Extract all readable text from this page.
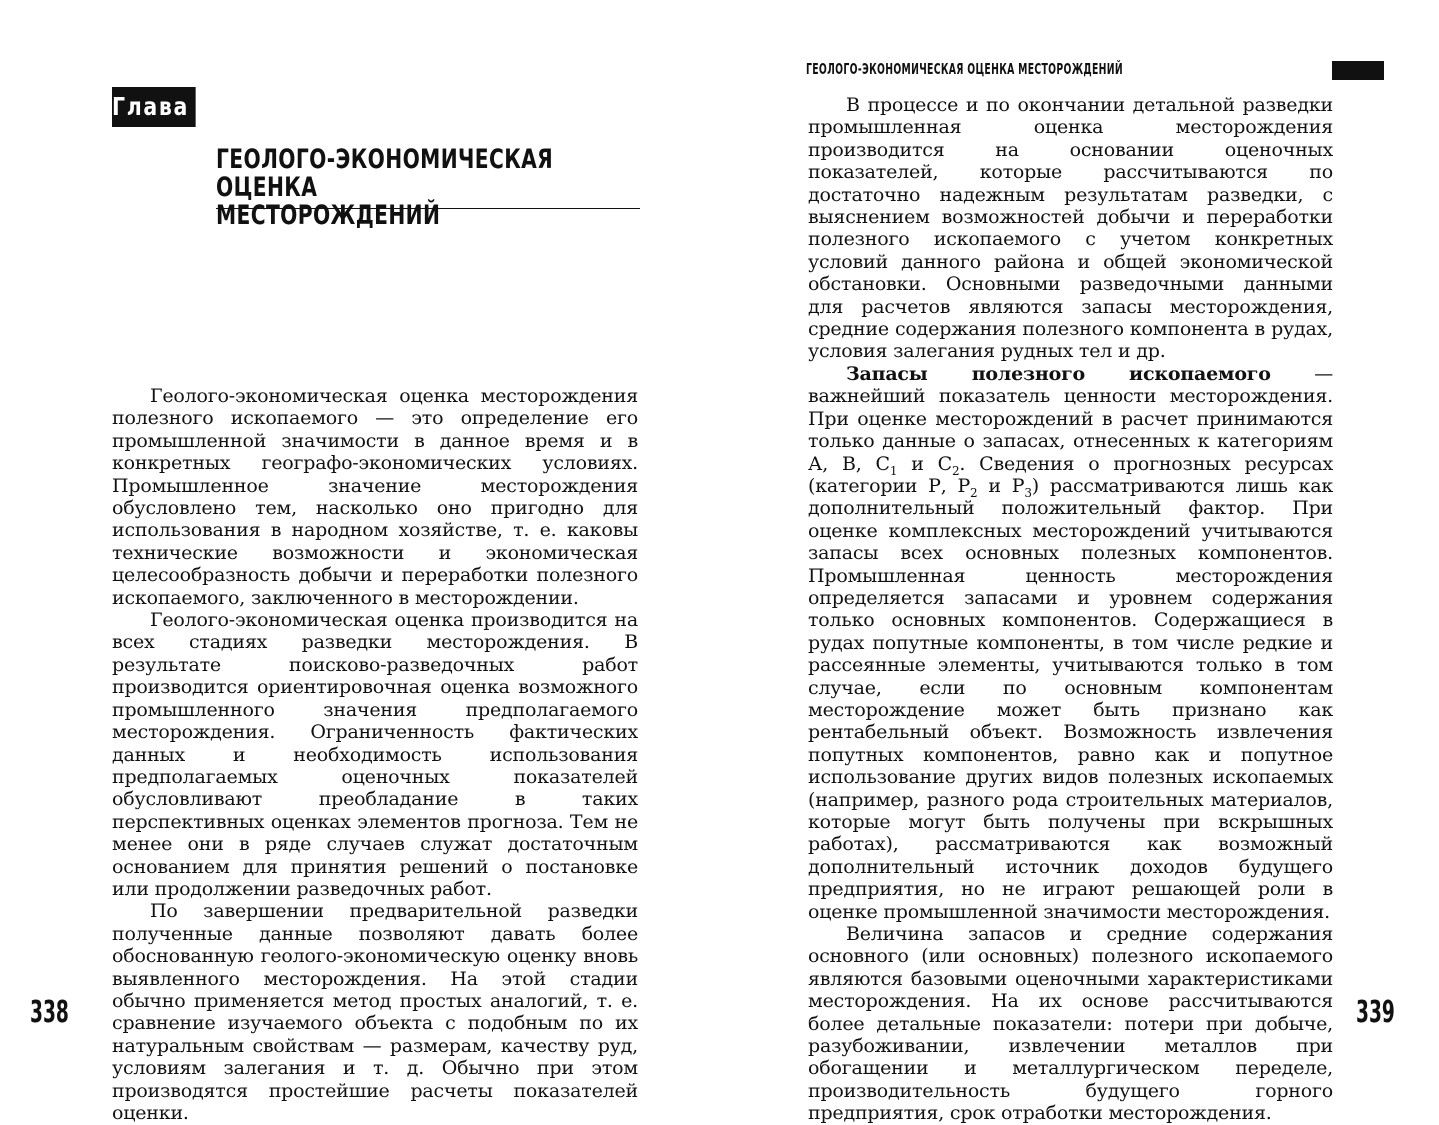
Глава 8
ГЕОЛОГО-ЭКОНОМИЧЕСКАЯ ОЦЕНКА
МЕСТОРОЖДЕНИЙ

Геолого-экономическая оценка месторождения полезного ископаемого — это определение его промышленной значимости в данное время и в конкретных географо-экономических условиях. Промышленное значение месторождения обусловлено тем, насколько оно пригодно для использования в народном хозяйстве, т. е. каковы технические возможности и экономическая целесообразность добычи и переработки полезного ископаемого, заключенного в месторождении.

Геолого-экономическая оценка производится на всех стадиях разведки месторождения. В результате поисково-разведочных работ производится ориентировочная оценка возможного промышленного значения предполагаемого месторождения. Ограниченность фактических данных и необходимость использования предполагаемых оценочных показателей обусловливают преобладание в таких перспективных оценках элементов прогноза. Тем не менее они в ряде случаев служат достаточным основанием для принятия решений о постановке или продолжении разведочных работ.

По завершении предварительной разведки полученные данные позволяют давать более обоснованную геолого-экономическую оценку вновь выявленного месторождения. На этой стадии обычно применяется метод простых аналогий, т. е. сравнение изучаемого объекта с подобным по их натуральным свойствам — размерам, качеству руд, условиям залегания и т. д. Обычно при этом производятся простейшие расчеты показателей оценки.

338
ГЕОЛОГО-ЭКОНОМИЧЕСКАЯ ОЦЕНКА МЕСТОРОЖДЕНИЙ

В процессе и по окончании детальной разведки промышленная оценка месторождения производится на основании оценочных показателей, которые рассчитываются по достаточно надежным результатам разведки, с выяснением возможностей добычи и переработки полезного ископаемого с учетом конкретных условий данного района и общей экономической обстановки. Основными разведочными данными для расчетов являются запасы месторождения, средние содержания полезного компонента в рудах, условия залегания рудных тел и др.

Запасы полезного ископаемого — важнейший показатель ценности месторождения. При оценке месторождений в расчет принимаются только данные о запасах, отнесенных к категориям А, В, $С_1$ и $С_2$. Сведения о прогнозных ресурсах (категории Р, $Р_2$ и $Р_3$) рассматриваются лишь как дополнительный положительный фактор. При оценке комплексных месторождений учитываются запасы всех основных полезных компонентов. Промышленная ценность месторождения определяется запасами и уровнем содержания только основных компонентов. Содержащиеся в рудах попутные компоненты, в том числе редкие и рассеянные элементы, учитываются только в том случае, если по основным компонентам месторождение может быть признано как рентабельный объект. Возможность извлечения попутных компонентов, равно как и попутное использование других видов полезных ископаемых (например, разного рода строительных материалов, которые могут быть получены при вскрышных работах), рассматриваются как возможный дополнительный источник доходов будущего предприятия, но не играют решающей роли в оценке промышленной значимости месторождения.

Величина запасов и средние содержания основного (или основных) полезного ископаемого являются базовыми оценочными характеристиками месторождения. На их основе рассчитываются более детальные показатели: потери при добыче, разубоживании, извлечении металлов при обогащении и металлургическом переделе, производительность будущего горного предприятия, срок отработки месторождения.

339
